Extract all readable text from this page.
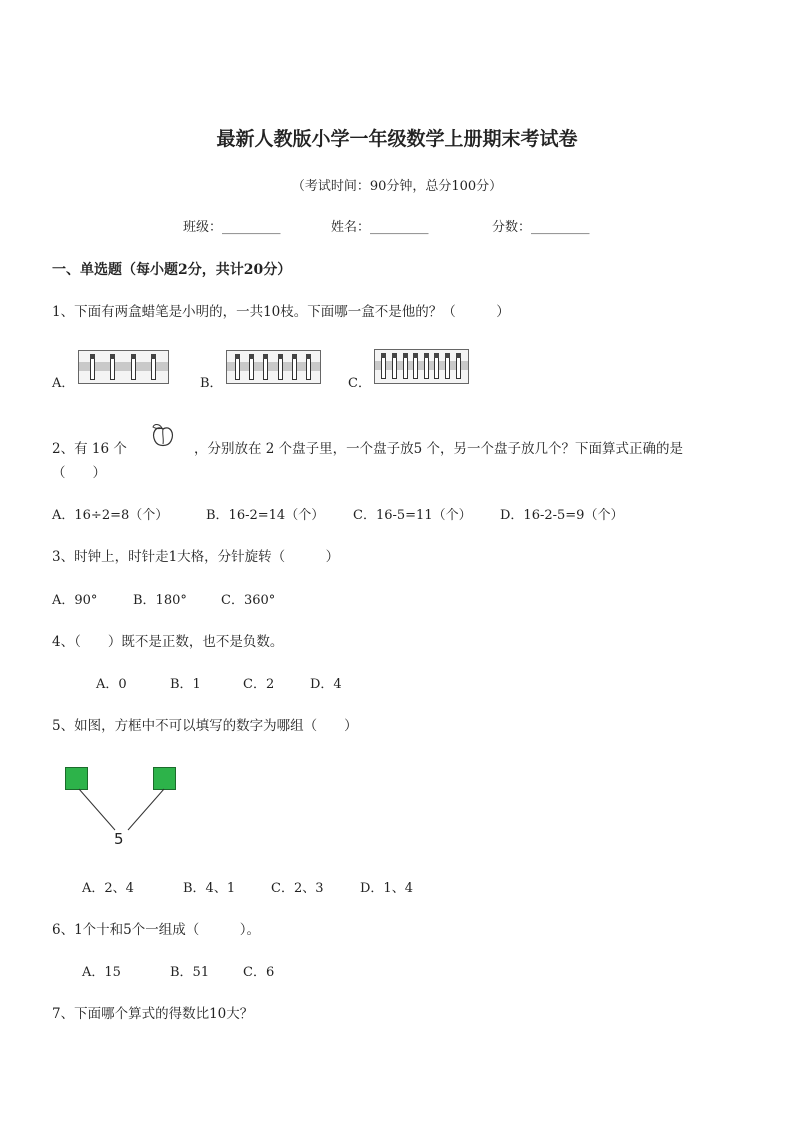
最新人教版小学一年级数学上册期末考试卷
（考试时间：90分钟，总分100分）
班级：_________	姓名：_________	分数：_________
一、单选题（每小题2分，共计20分）
1、下面有两盒蜡笔是小明的，一共10枝。下面哪一盒不是他的？（　　　）
A．	B．	C．
2、有 16 个	，分别放在 2 个盘子里，一个盘子放5 个，另一个盘子放几个？下面算式正确的是
（　　）
A．16÷2=8（个）	B．16-2=14（个） C．16-5=11（个） D．16-2-5=9（个）
3、时钟上，时针走1大格，分针旋转（　　　）
A．90°	B．180°	C．360°
4、（　　）既不是正数，也不是负数。
A．0	B．1	C．2	D．4
5、如图，方框中不可以填写的数字为哪组（　　）
5
A．2、4	B．4、1	C．2、3	D．1、4
6、1个十和5个一组成（　　　）。
A．15	B．51	C．6
7、下面哪个算式的得数比10大？
